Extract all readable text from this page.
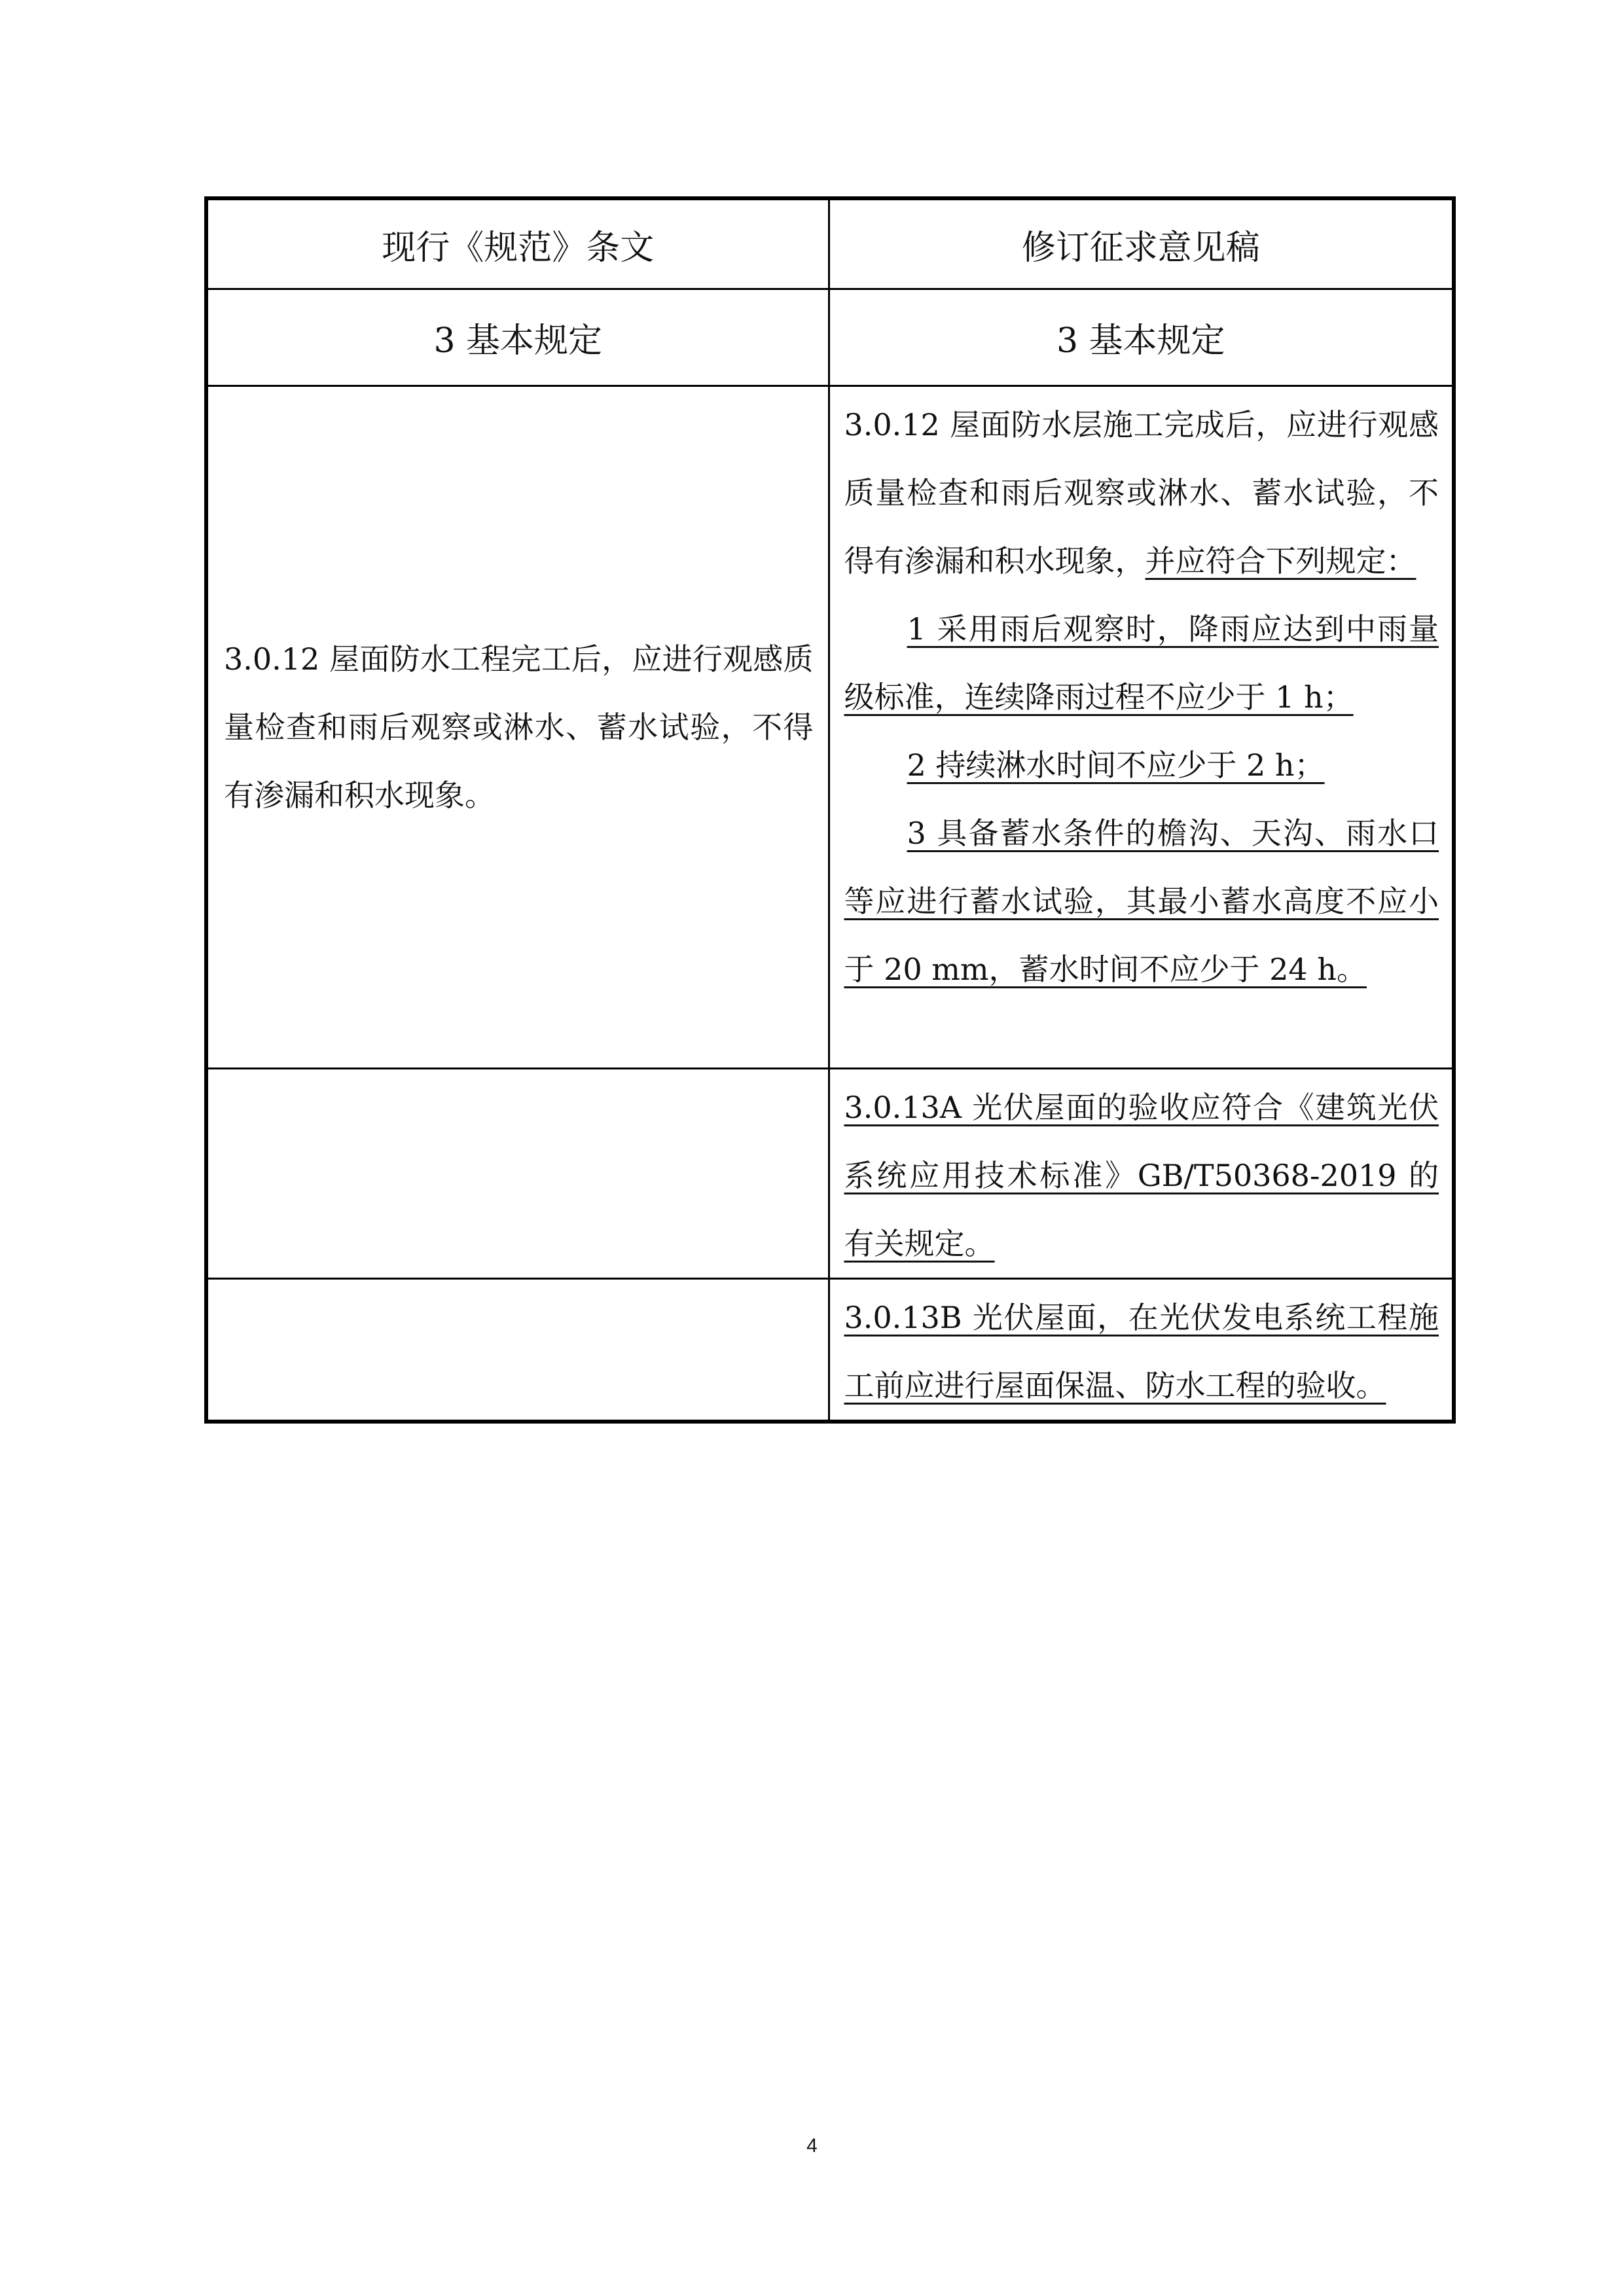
现行《规范》条文	修订征求意见稿
3 基本规定	3 基本规定

3.0.12 屋面防水工程完工后，应进行观感质量检查和雨后观察或淋水、蓄水试验，不得有渗漏和积水现象。	3.0.12 屋面防水层施工完成后，应进行观感质量检查和雨后观察或淋水、蓄水试验，不得有渗漏和积水现象，并应符合下列规定：
1 采用雨后观察时，降雨应达到中雨量级标准，连续降雨过程不应少于 1 h；
2 持续淋水时间不应少于 2 h；
3 具备蓄水条件的檐沟、天沟、雨水口等应进行蓄水试验，其最小蓄水高度不应小于 20 mm，蓄水时间不应少于 24 h。

	3.0.13A 光伏屋面的验收应符合《建筑光伏系统应用技术标准》GB/T50368-2019 的有关规定。

	3.0.13B 光伏屋面，在光伏发电系统工程施工前应进行屋面保温、防水工程的验收。
4
